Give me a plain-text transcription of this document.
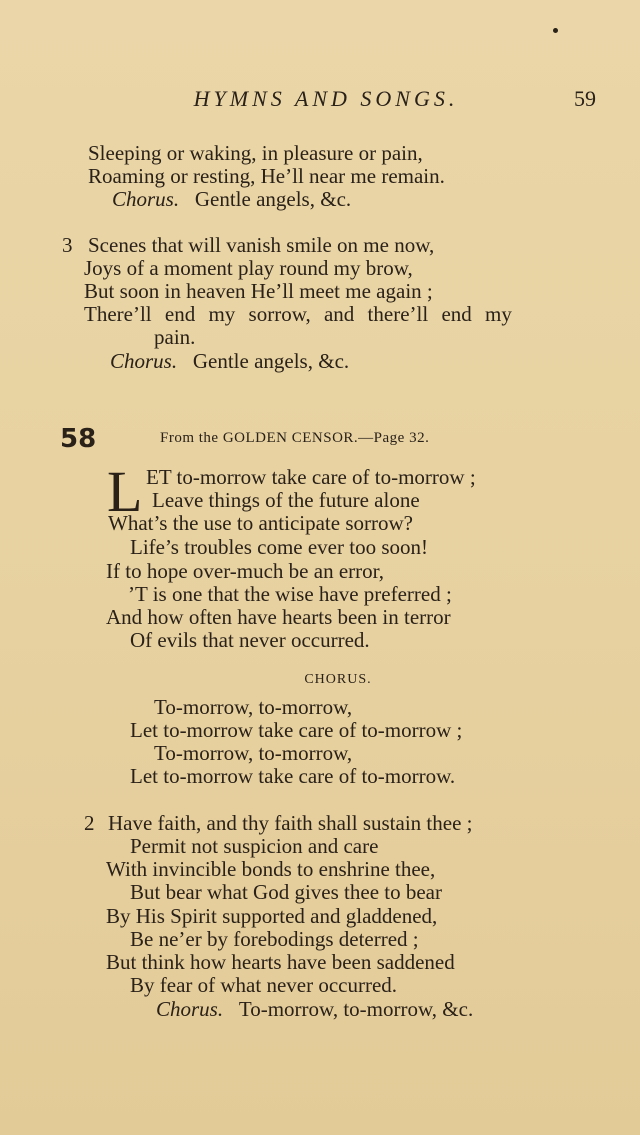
HYMNS AND SONGS.	59
Sleeping or waking, in pleasure or pain,
Roaming or resting, He’ll near me remain.
Chorus. Gentle angels, &c.
3 Scenes that will vanish smile on me now,
Joys of a moment play round my brow,
But soon in heaven He’ll meet me again ;
There’ll end my sorrow, and there’ll end my
pain.
Chorus. Gentle angels, &c.
58	From the GOLDEN CENSOR.—Page 32.
L ET to-morrow take care of to-morrow ;
Leave things of the future alone
What’s the use to anticipate sorrow?
Life’s troubles come ever too soon!
If to hope over-much be an error,
’T is one that the wise have preferred ;
And how often have hearts been in terror
Of evils that never occurred.
CHORUS.
To-morrow, to-morrow,
Let to-morrow take care of to-morrow ;
To-morrow, to-morrow,
Let to-morrow take care of to-morrow.
2 Have faith, and thy faith shall sustain thee ;
Permit not suspicion and care
With invincible bonds to enshrine thee,
But bear what God gives thee to bear
By His Spirit supported and gladdened,
Be ne’er by forebodings deterred ;
But think how hearts have been saddened
By fear of what never occurred.
Chorus. To-morrow, to-morrow, &c.
